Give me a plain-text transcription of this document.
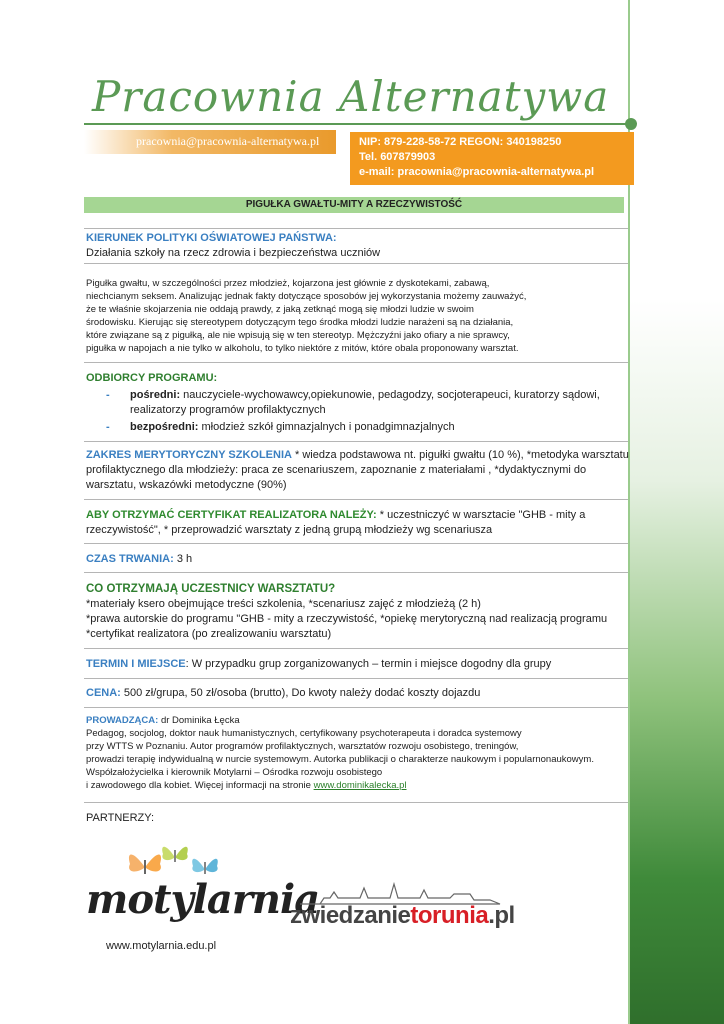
Pracownia Alternatywa
pracownia@pracownia-alternatywa.pl	NIP: 879-228-58-72 REGON: 340198250
Tel. 607879903
e-mail: pracownia@pracownia-alternatywa.pl
PIGUŁKA GWAŁTU-MITY A RZECZYWISTOŚĆ
KIERUNEK POLITYKI OŚWIATOWEJ PAŃSTWA:
Działania szkoły na rzecz zdrowia i bezpieczeństwa uczniów
Pigułka gwałtu, w szczególności przez młodzież, kojarzona jest głównie z dyskotekami, zabawą,
niechcianym seksem. Analizując jednak fakty dotyczące sposobów jej wykorzystania możemy zauważyć,
że te właśnie skojarzenia nie oddają prawdy, z jaką zetknąć mogą się młodzi ludzie w swoim
środowisku. Kierując się stereotypem dotyczącym tego środka młodzi ludzie narażeni są na działania,
które związane są z pigułką, ale nie wpisują się w ten stereotyp. Mężczyźni jako ofiary a nie sprawcy,
pigułka w napojach a nie tylko w alkoholu, to tylko niektóre z mitów, które obala proponowany warsztat.
ODBIORCY PROGRAMU:
- pośredni: nauczyciele-wychowawcy,opiekunowie, pedagodzy, socjoterapeuci, kuratorzy sądowi,
realizatorzy programów profilaktycznych
- bezpośredni: młodzież szkół gimnazjalnych i ponadgimnazjalnych
ZAKRES MERYTORYCZNY SZKOLENIA * wiedza podstawowa nt. pigułki gwałtu (10 %), *metodyka warsztatu
profilaktycznego dla młodzieży: praca ze scenariuszem, zapoznanie z materiałami , *dydaktycznymi do
warsztatu, wskazówki metodyczne (90%)
ABY OTRZYMAĆ CERTYFIKAT REALIZATORA NALEŻY: * uczestniczyć w warsztacie "GHB - mity a
rzeczywistość", * przeprowadzić warsztaty z jedną grupą młodzieży wg scenariusza
CZAS TRWANIA: 3 h
CO OTRZYMAJĄ UCZESTNICY WARSZTATU?
*materiały ksero obejmujące treści szkolenia, *scenariusz zajęć z młodzieżą (2 h)
*prawa autorskie do programu "GHB - mity a rzeczywistość, *opiekę merytoryczną nad realizacją programu
*certyfikat realizatora (po zrealizowaniu warsztatu)
TERMIN I MIEJSCE: W przypadku grup zorganizowanych – termin i miejsce dogodny dla grupy
CENA: 500 zł/grupa, 50 zł/osoba (brutto), Do kwoty należy dodać koszty dojazdu
PROWADZĄCA: dr Dominika Łęcka
Pedagog, socjolog, doktor nauk humanistycznych, certyfikowany psychoterapeuta i doradca systemowy
przy WTTS w Poznaniu. Autor programów profilaktycznych, warsztatów rozwoju osobistego, treningów,
prowadzi terapię indywidualną w nurcie systemowym. Autorka publikacji o charakterze naukowym i popularnonaukowym.
Współzałożycielka i kierownik Motylarni – Ośrodka rozwoju osobistego
i zawodowego dla kobiet. Więcej informacji na stronie www.dominikalecka.pl
PARTNERZY:
motylarnia
www.motylarnia.edu.pl
zwiedzanietorunia.pl
